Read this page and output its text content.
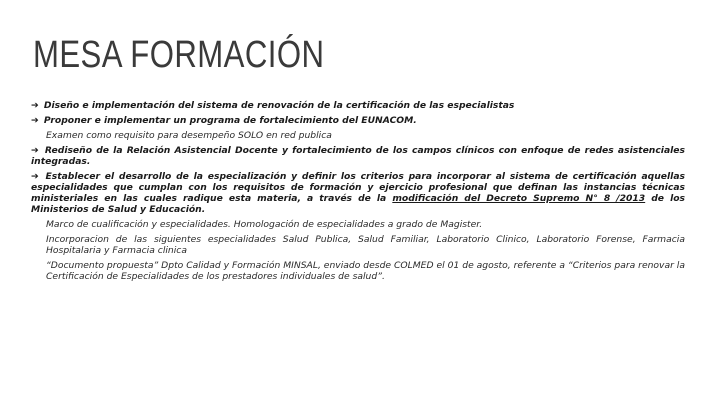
MESA FORMACIÓN

➔ Diseño e implementación del sistema de renovación de la certificación de las especialistas

➔ Proponer e implementar un programa de fortalecimiento del EUNACOM.

Examen como requisito para desempeño SOLO en red publica

➔ Rediseño de la Relación Asistencial Docente y fortalecimiento de los campos clínicos con enfoque de redes asistenciales integradas.

➔ Establecer el desarrollo de la especialización y definir los criterios para incorporar al sistema de certificación aquellas especialidades que cumplan con los requisitos de formación y ejercicio profesional que definan las instancias técnicas ministeriales en las cuales radique esta materia, a través de la modificación del Decreto Supremo N° 8 /2013 de los Ministerios de Salud y Educación.

Marco de cualificación y especialidades. Homologación de especialidades a grado de Magister.

Incorporacion de las siguientes especialidades Salud Publica, Salud Familiar, Laboratorio Clinico, Laboratorio Forense, Farmacia Hospitalaria y Farmacia clinica

“Documento propuesta” Dpto Calidad y Formación MINSAL, enviado desde COLMED el 01 de agosto, referente a “Criterios para renovar la Certificación de Especialidades de los prestadores individuales de salud”.
